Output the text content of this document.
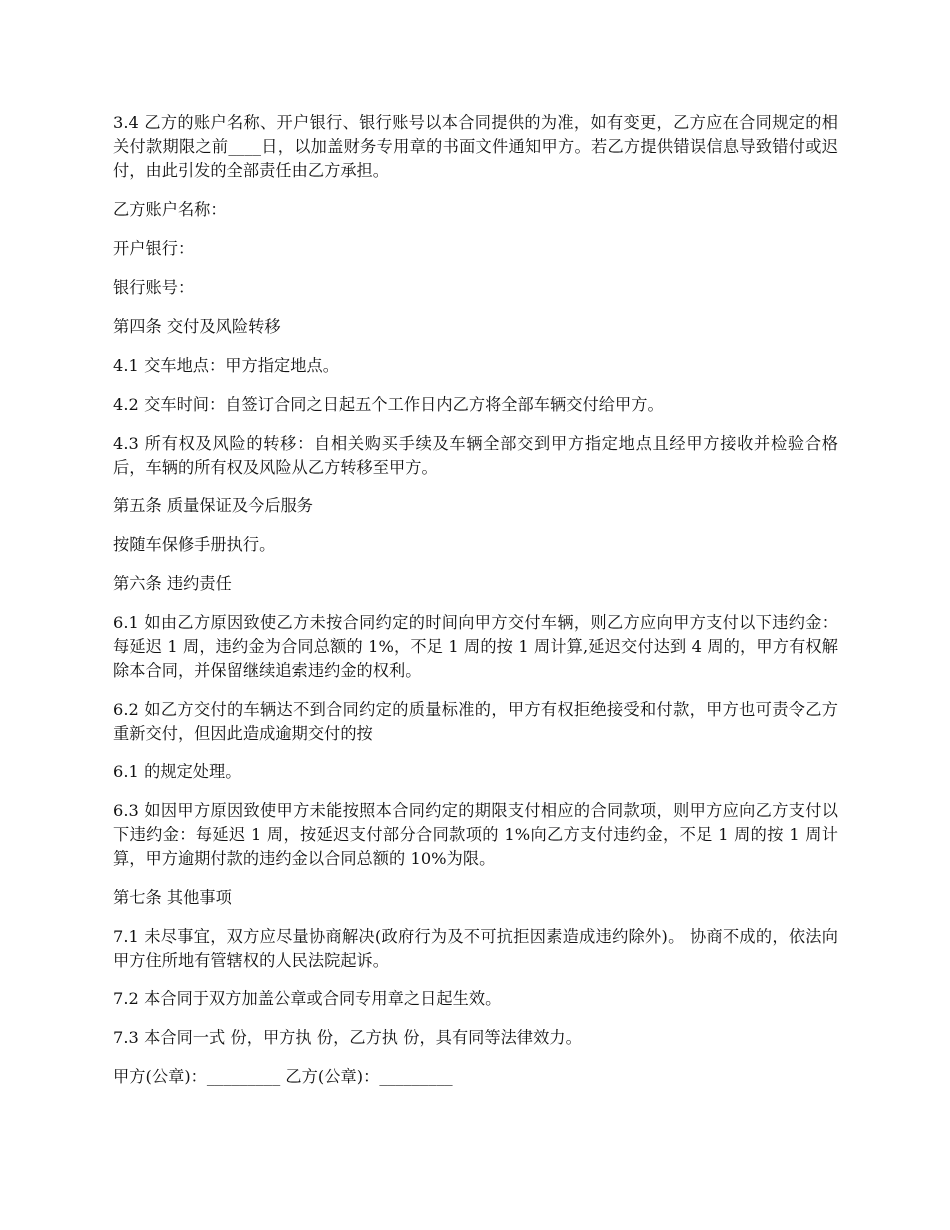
3.4 乙方的账户名称、开户银行、银行账号以本合同提供的为准，如有变更，乙方应在合同规定的相关付款期限之前____日，以加盖财务专用章的书面文件通知甲方。若乙方提供错误信息导致错付或迟付，由此引发的全部责任由乙方承担。

乙方账户名称：

开户银行：

银行账号：

第四条 交付及风险转移

4.1 交车地点：甲方指定地点。

4.2 交车时间：自签订合同之日起五个工作日内乙方将全部车辆交付给甲方。

4.3 所有权及风险的转移：自相关购买手续及车辆全部交到甲方指定地点且经甲方接收并检验合格后，车辆的所有权及风险从乙方转移至甲方。

第五条 质量保证及今后服务

按随车保修手册执行。

第六条 违约责任

6.1 如由乙方原因致使乙方未按合同约定的时间向甲方交付车辆，则乙方应向甲方支付以下违约金：每延迟 1 周，违约金为合同总额的 1%，不足 1 周的按 1 周计算,延迟交付达到 4 周的，甲方有权解除本合同，并保留继续追索违约金的权利。

6.2 如乙方交付的车辆达不到合同约定的质量标准的，甲方有权拒绝接受和付款，甲方也可责令乙方重新交付，但因此造成逾期交付的按

6.1 的规定处理。

6.3 如因甲方原因致使甲方未能按照本合同约定的期限支付相应的合同款项，则甲方应向乙方支付以下违约金：每延迟 1 周，按延迟支付部分合同款项的 1%向乙方支付违约金，不足 1 周的按 1 周计算，甲方逾期付款的违约金以合同总额的 10%为限。

第七条 其他事项

7.1 未尽事宜，双方应尽量协商解决(政府行为及不可抗拒因素造成违约除外)。 协商不成的，依法向甲方住所地有管辖权的人民法院起诉。

7.2 本合同于双方加盖公章或合同专用章之日起生效。

7.3 本合同一式 份，甲方执 份，乙方执 份，具有同等法律效力。

甲方(公章)：_________ 乙方(公章)：_________
